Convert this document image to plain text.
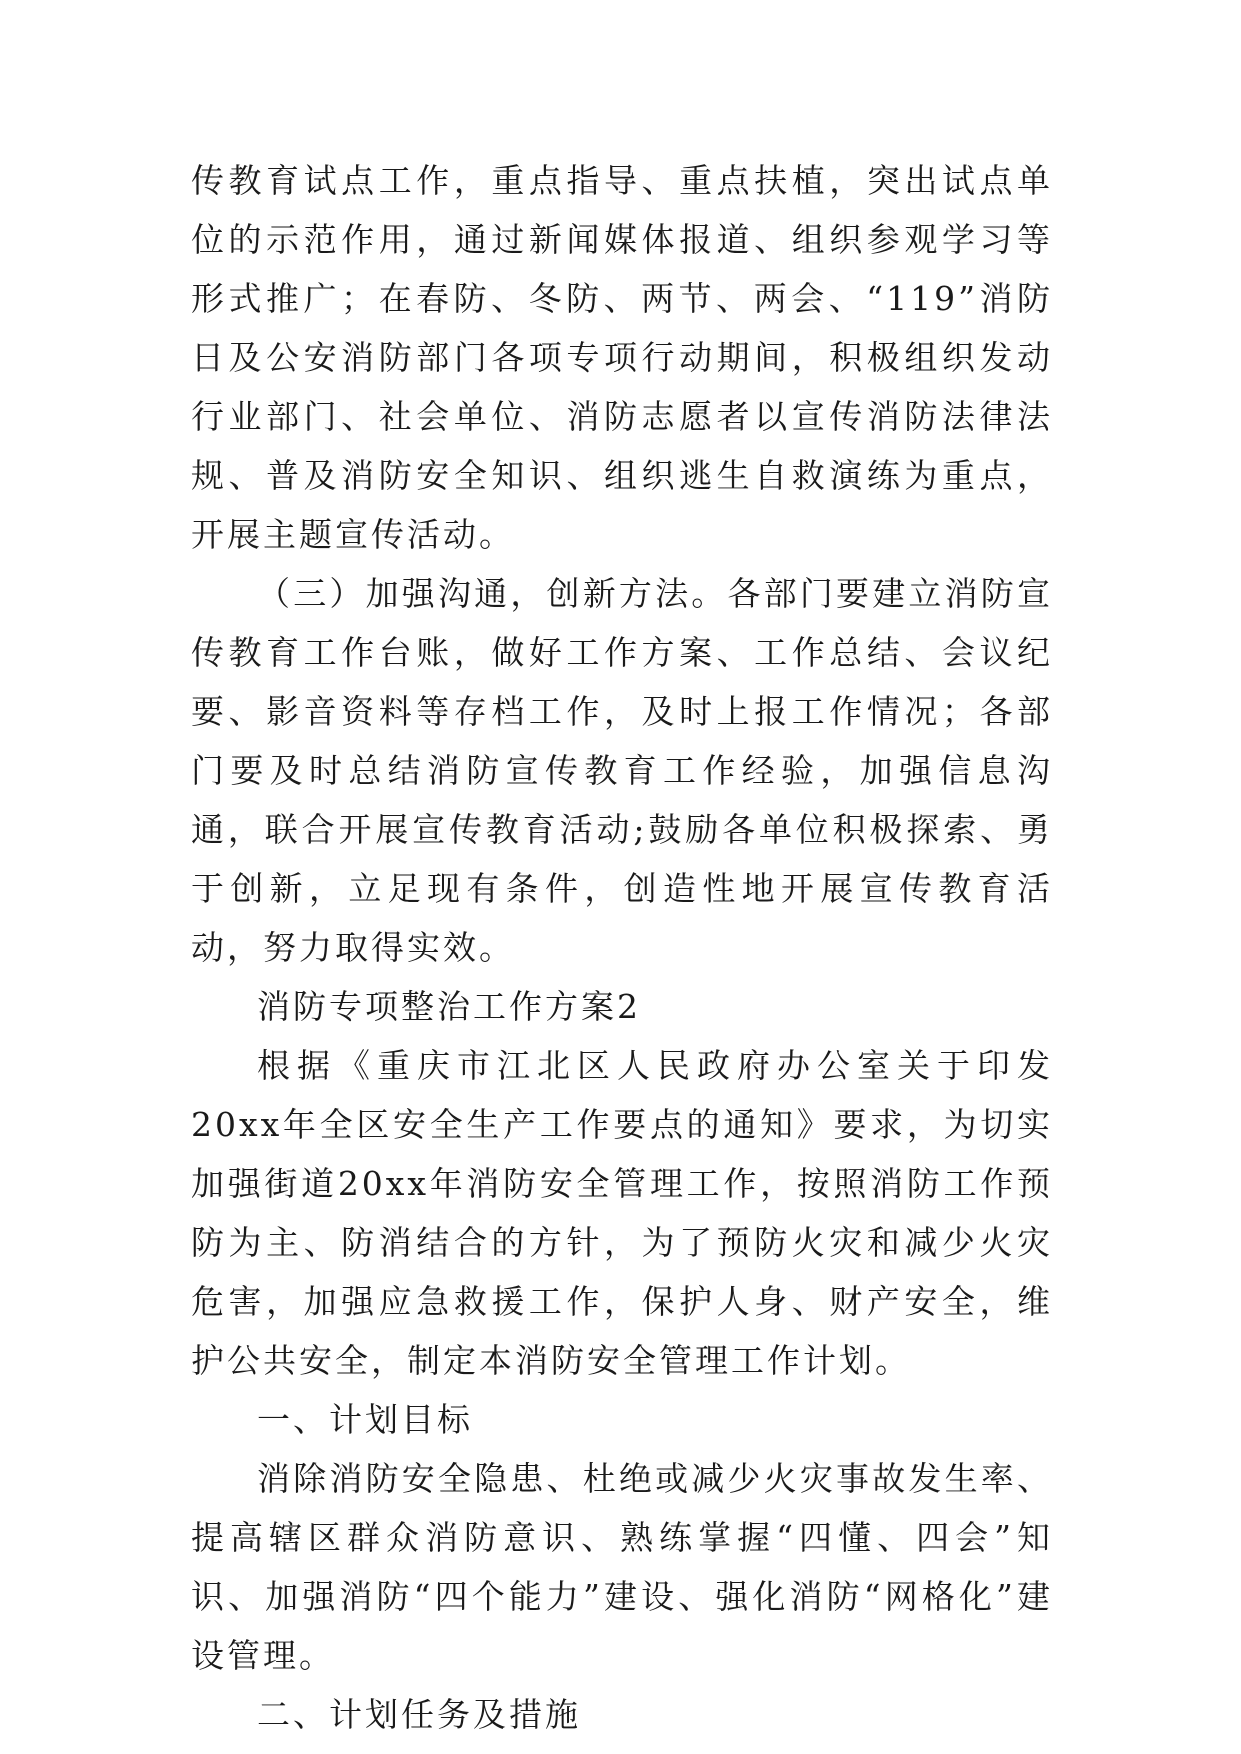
传教育试点工作，重点指导、重点扶植，突出试点单位的示范作用，通过新闻媒体报道、组织参观学习等形式推广；在春防、冬防、两节、两会、“119”消防日及公安消防部门各项专项行动期间，积极组织发动行业部门、社会单位、消防志愿者以宣传消防法律法规、普及消防安全知识、组织逃生自救演练为重点，开展主题宣传活动。

（三）加强沟通，创新方法。各部门要建立消防宣传教育工作台账，做好工作方案、工作总结、会议纪要、影音资料等存档工作，及时上报工作情况；各部门要及时总结消防宣传教育工作经验，加强信息沟通，联合开展宣传教育活动;鼓励各单位积极探索、勇于创新，立足现有条件，创造性地开展宣传教育活动，努力取得实效。

消防专项整治工作方案2

根据《重庆市江北区人民政府办公室关于印发20xx年全区安全生产工作要点的通知》要求，为切实加强街道20xx年消防安全管理工作，按照消防工作预防为主、防消结合的方针，为了预防火灾和减少火灾危害，加强应急救援工作，保护人身、财产安全，维护公共安全，制定本消防安全管理工作计划。

一、计划目标

消除消防安全隐患、杜绝或减少火灾事故发生率、提高辖区群众消防意识、熟练掌握“四懂、四会”知识、加强消防“四个能力”建设、强化消防“网格化”建设管理。

二、计划任务及措施
